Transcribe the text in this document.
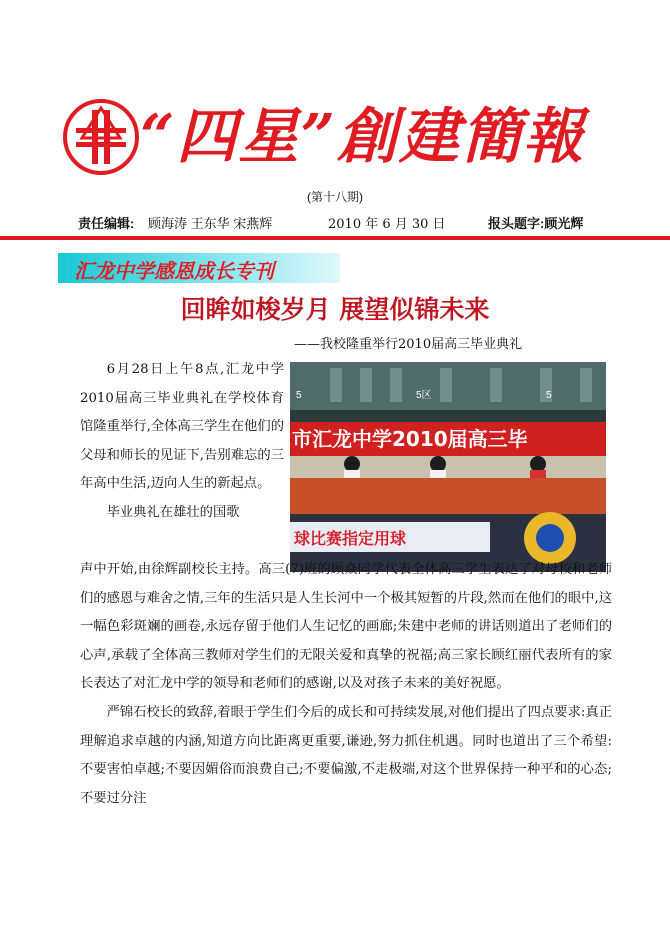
“四星”創建簡報
(第十八期)
责任编辑: 顾海涛 王东华 宋燕辉	2010 年 6 月 30 日	报头题字:顾光辉
汇龙中学感恩成长专刊
回眸如梭岁月 展望似锦未来
——我校隆重举行2010届高三毕业典礼

6月28日上午8点,汇龙中学2010届高三毕业典礼在学校体育馆隆重举行,全体高三学生在他们的父母和师长的见证下,告别难忘的三年高中生活,迈向人生的新起点。

毕业典礼在雄壮的国歌

5	5区	5
市汇龙中学2010届高三毕
球比赛指定用球

声中开始,由徐辉副校长主持。高三(7)班的顾焱同学代表全体高三学生表达了对母校和老师们的感恩与难舍之情,三年的生活只是人生长河中一个极其短暂的片段,然而在他们的眼中,这一幅色彩斑斓的画卷,永远存留于他们人生记忆的画廊;朱建中老师的讲话则道出了老师们的心声,承载了全体高三教师对学生们的无限关爱和真挚的祝福;高三家长顾红丽代表所有的家长表达了对汇龙中学的领导和老师们的感谢,以及对孩子未来的美好祝愿。

严锦石校长的致辞,着眼于学生们今后的成长和可持续发展,对他们提出了四点要求:真正理解追求卓越的内涵,知道方向比距离更重要,谦逊,努力抓住机遇。同时也道出了三个希望:不要害怕卓越;不要因媚俗而浪费自己;不要偏激,不走极端,对这个世界保持一种平和的心态;不要过分注
